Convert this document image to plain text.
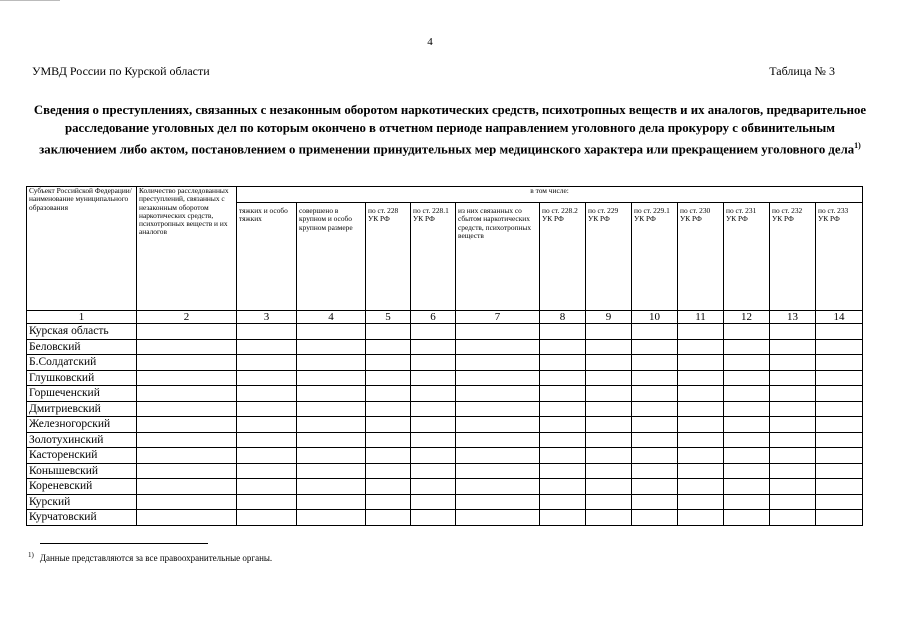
4
УМВД России по Курской области	Таблица № 3
Сведения о преступлениях, связанных с незаконным оборотом наркотических средств, психотропных веществ и их аналогов, предварительное расследование уголовных дел по которым окончено в отчетном периоде направлением уголовного дела прокурору с обвинительным заключением либо актом, постановлением о применении принудительных мер медицинского характера или прекращением уголовного дела$^{1)}$
Субъект Российской Федерации/ наименование муниципального образования	Количество расследованных преступлений, связанных с незаконным оборотом наркотических средств, психотропных веществ и их аналогов	в том числе:											
		тяжких и особо тяжких	совершено в крупном и особо крупном размере	по ст. 228 УК РФ	по ст. 228.1 УК РФ	из них связанных со сбытом наркотических средств, психотропных веществ	по ст. 228.2 УК РФ	по ст. 229 УК РФ	по ст. 229.1 УК РФ	по ст. 230 УК РФ	по ст. 231 УК РФ	по ст. 232 УК РФ	по ст. 233 УК РФ
1	2	3	4	5	6	7	8	9	10	11	12	13	14
Курская область													
Беловский													
Б.Солдатский													
Глушковский													
Горшеченский													
Дмитриевский													
Железногорский													
Золотухинский													
Касторенский													
Конышевский													
Кореневский													
Курский													
Курчатовский													
$^{1)}$ Данные представляются за все правоохранительные органы.
